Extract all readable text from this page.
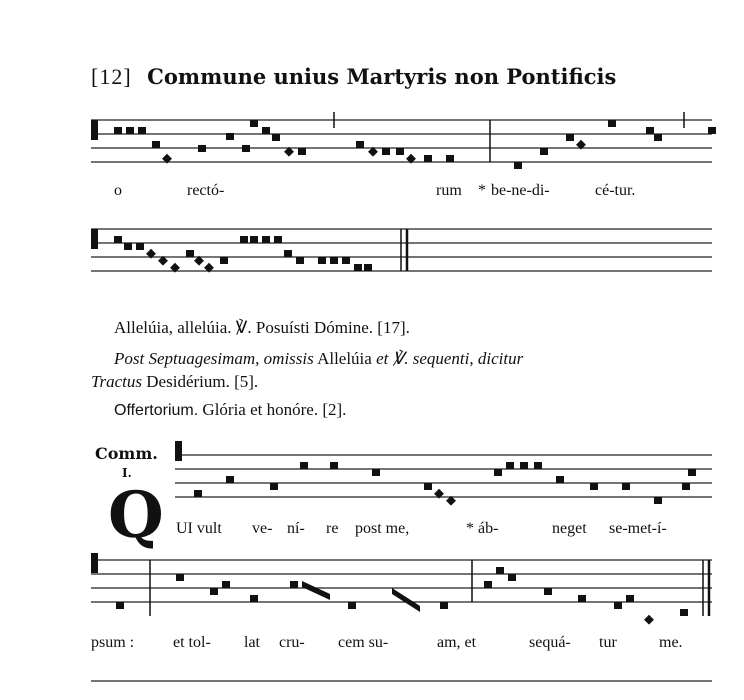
[12] Commune unius Martyris non Pontificis
o	rectó-	rum * be-ne-di-	cé-tur.
Allelúia, allelúia. ℣. Posuísti Dómine. [17].
Post Septuagesimam, omissis Allelúia et ℣. sequenti, dicitur
Tractus Desidérium. [5].
Offertorium. Glória et honóre. [2].
Comm.
I.
Q UI vult ve- ní- re post me,	* áb-	neget se-met-í-
psum : et tol- lat cru- cem su-	am, et	sequá- tur	me.
